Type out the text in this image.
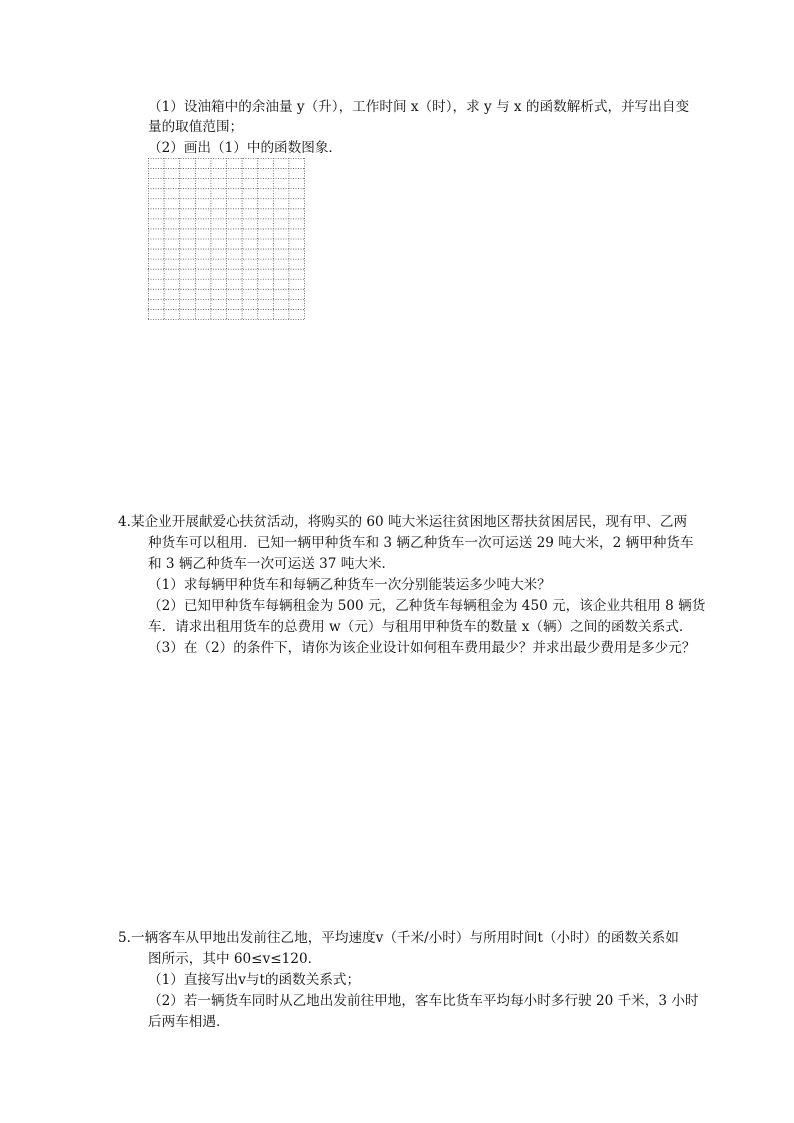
（1）设油箱中的余油量 y（升），工作时间 x（时），求 y 与 x 的函数解析式，并写出自变
量的取值范围；
（2）画出（1）中的函数图象．
4.某企业开展献爱心扶贫活动，将购买的 60 吨大米运往贫困地区帮扶贫困居民，现有甲、乙两
种货车可以租用．已知一辆甲种货车和 3 辆乙种货车一次可运送 29 吨大米，2 辆甲种货车
和 3 辆乙种货车一次可运送 37 吨大米．
（1）求每辆甲种货车和每辆乙种货车一次分别能装运多少吨大米？
（2）已知甲种货车每辆租金为 500 元，乙种货车每辆租金为 450 元，该企业共租用 8 辆货
车．请求出租用货车的总费用 w（元）与租用甲种货车的数量 x（辆）之间的函数关系式．
（3）在（2）的条件下，请你为该企业设计如何租车费用最少？并求出最少费用是多少元？
5.一辆客车从甲地出发前往乙地，平均速度v（千米/小时）与所用时间t（小时）的函数关系如
图所示，其中 60≤v≤120．
（1）直接写出v与t的函数关系式；
（2）若一辆货车同时从乙地出发前往甲地，客车比货车平均每小时多行驶 20 千米，3 小时
后两车相遇．
